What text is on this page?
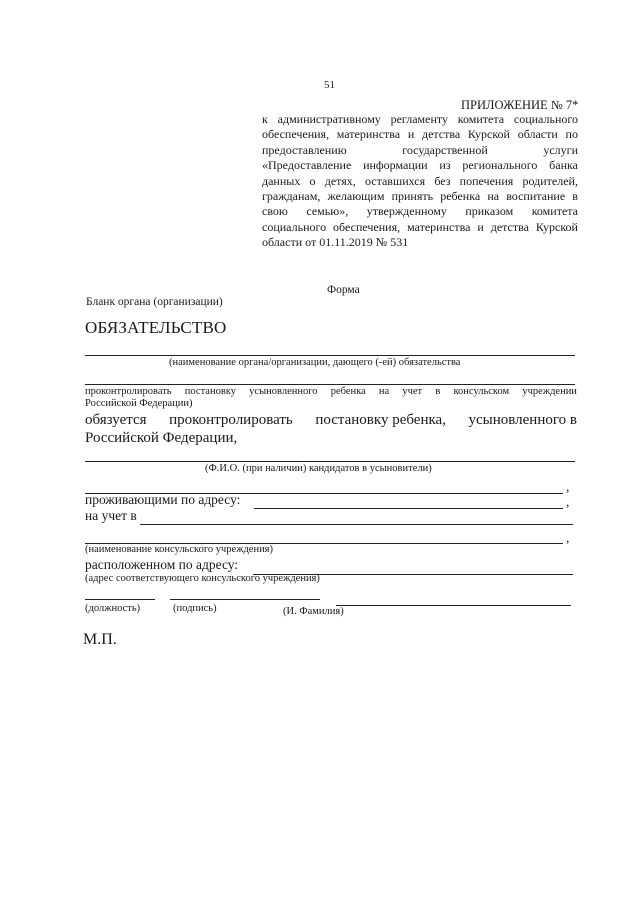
51
ПРИЛОЖЕНИЕ № 7*
к административному регламенту комитета социального
обеспечения, материнства и детства Курской области по
предоставлению	государственной	услуги
«Предоставление информации из регионального банка
данных о детях, оставшихся без попечения родителей,
гражданам, желающим принять ребенка на воспитание в
свою семью», утвержденному приказом комитета
социального обеспечения, материнства и детства Курской
области от 01.11.2019 № 531
Форма
Бланк органа (организации)
ОБЯЗАТЕЛЬСТВО
(наименование органа/организации, дающего (-ей) обязательства
проконтролировать постановку усыновленного ребенка на учет в консульском учреждении
Российской Федерации)
обязуется проконтролировать постановку ребенка, усыновленного в
Российской Федерации,
(Ф.И.О. (при наличии) кандидатов в усыновители)
,
проживающими по адресу:	,
на учет в
,
(наименование консульского учреждения)
расположенном по адресу:
(адрес соответствующего консульского учреждения)
(должность)	(подпись)	(И. Фамилия)
М.П.
